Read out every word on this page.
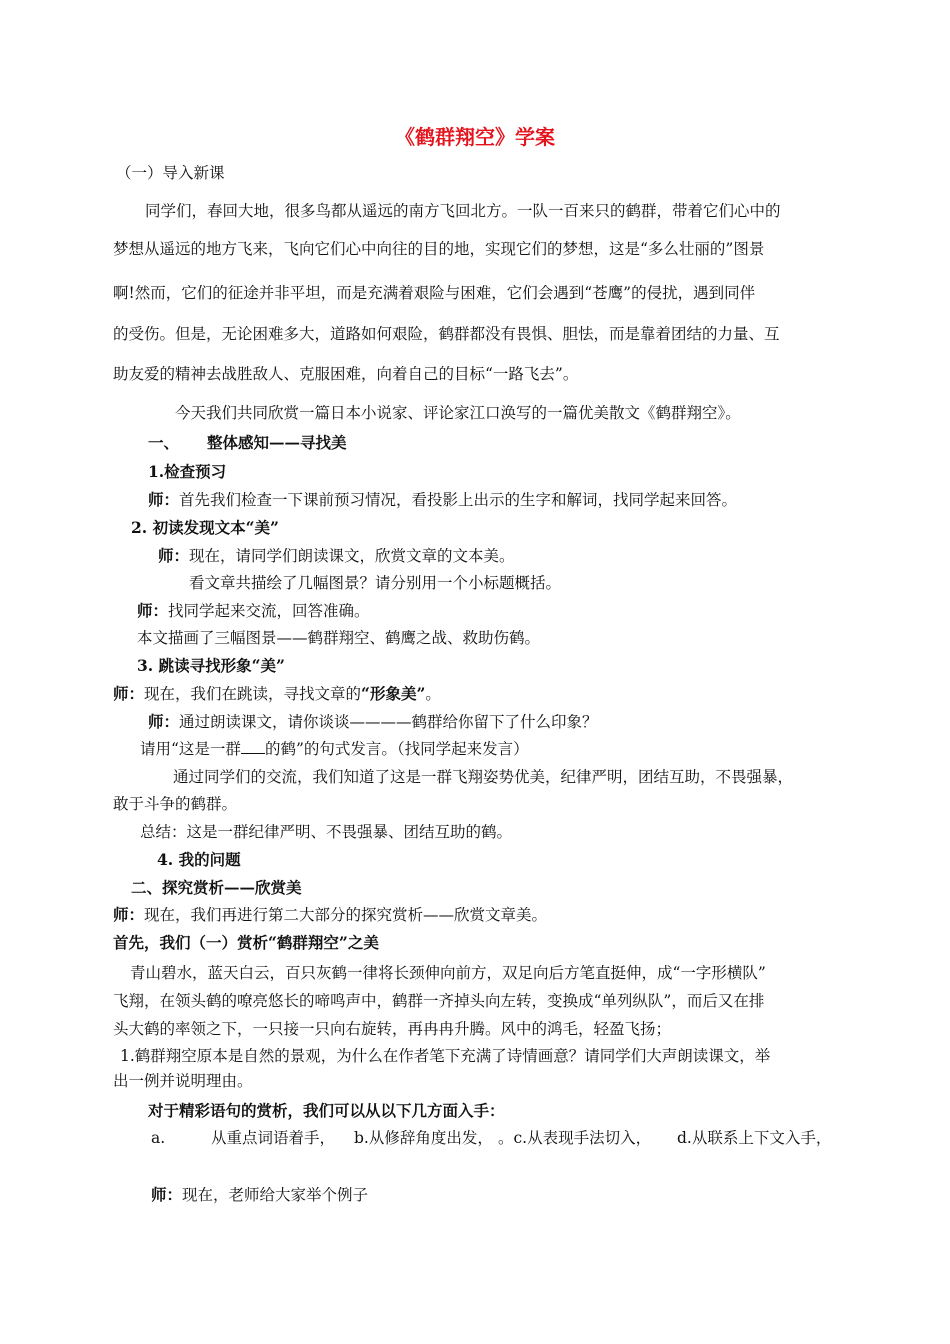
《鹤群翔空》学案
（一）导入新课
同学们，春回大地，很多鸟都从遥远的南方飞回北方。一队一百来只的鹤群，带着它们心中的
梦想从遥远的地方飞来，飞向它们心中向往的目的地，实现它们的梦想，这是“多么壮丽的”图景
啊!然而，它们的征途并非平坦，而是充满着艰险与困难，它们会遇到“苍鹰”的侵扰，遇到同伴
的受伤。但是，无论困难多大，道路如何艰险，鹤群都没有畏惧、胆怯，而是靠着团结的力量、互
助友爱的精神去战胜敌人、克服困难，向着自己的目标“一路飞去”。
今天我们共同欣赏一篇日本小说家、评论家江口涣写的一篇优美散文《鹤群翔空》。
一、 整体感知——寻找美
1.检查预习
师：首先我们检查一下课前预习情况，看投影上出示的生字和解词，找同学起来回答。
2. 初读发现文本“美”
师：现在，请同学们朗读课文，欣赏文章的文本美。
看文章共描绘了几幅图景？请分别用一个小标题概括。
师：找同学起来交流，回答准确。
本文描画了三幅图景——鹤群翔空、鹤鹰之战、救助伤鹤。
3. 跳读寻找形象“美”
师：现在，我们在跳读，寻找文章的“形象美”。
师：通过朗读课文，请你谈谈————鹤群给你留下了什么印象？
请用“这是一群 的鹤”的句式发言。（找同学起来发言）
通过同学们的交流，我们知道了这是一群飞翔姿势优美，纪律严明，团结互助，不畏强暴，
敢于斗争的鹤群。
总结：这是一群纪律严明、不畏强暴、团结互助的鹤。
4. 我的问题
二、探究赏析——欣赏美
师：现在，我们再进行第二大部分的探究赏析——欣赏文章美。
首先，我们（一）赏析“鹤群翔空”之美
青山碧水，蓝天白云，百只灰鹤一律将长颈伸向前方，双足向后方笔直挺伸，成“一字形横队”
飞翔，在领头鹤的嘹亮悠长的啼鸣声中，鹤群一齐掉头向左转，变换成“单列纵队”，而后又在排
头大鹤的率领之下，一只接一只向右旋转，再冉冉升腾。风中的鸿毛，轻盈飞扬；
1.鹤群翔空原本是自然的景观，为什么在作者笔下充满了诗情画意？请同学们大声朗读课文，举
出一例并说明理由。
对于精彩语句的赏析，我们可以从以下几方面入手：
a.	从重点词语着手， b.从修辞角度出发， 。c.从表现手法切入， d.从联系上下文入手，
师：现在，老师给大家举个例子
